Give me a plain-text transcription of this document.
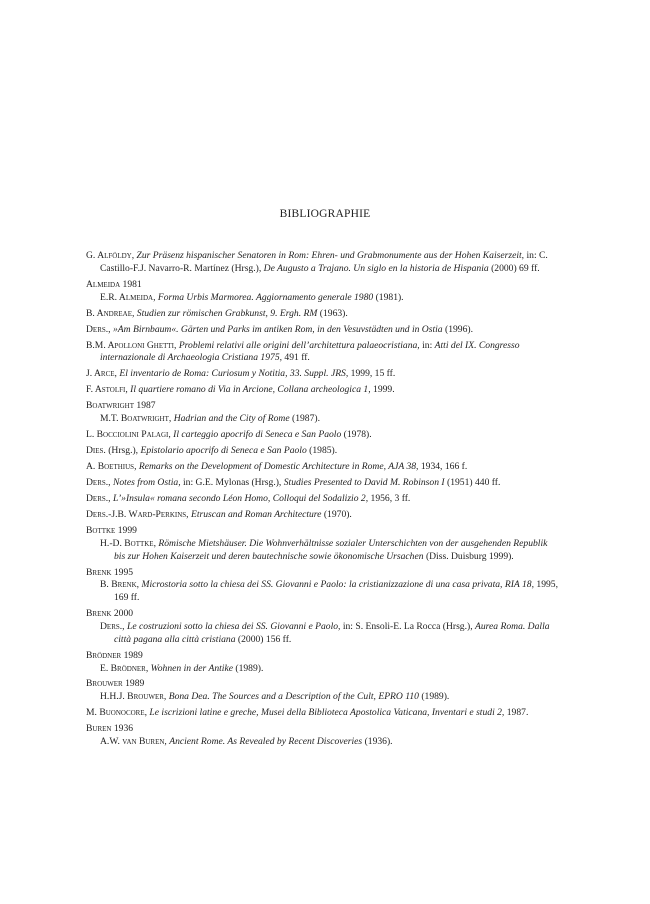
BIBLIOGRAPHIE
G. Alföldy, Zur Präsenz hispanischer Senatoren in Rom: Ehren- und Grabmonumente aus der Hohen Kaiserzeit, in: C. Castillo-F.J. Navarro-R. Martínez (Hrsg.), De Augusto a Trajano. Un siglo en la historia de Hispania (2000) 69 ff.
Almeida 1981
E.R. Almeida, Forma Urbis Marmorea. Aggiornamento generale 1980 (1981).
B. Andreae, Studien zur römischen Grabkunst, 9. Ergh. RM (1963).
Ders., »Am Birnbaum«. Gärten und Parks im antiken Rom, in den Vesuvstädten und in Ostia (1996).
B.M. Apolloni Ghetti, Problemi relativi alle origini dell’architettura palaeocristiana, in: Atti del IX. Congresso internazionale di Archaeologia Cristiana 1975, 491 ff.
J. Arce, El inventario de Roma: Curiosum y Notitia, 33. Suppl. JRS, 1999, 15 ff.
F. Astolfi, Il quartiere romano di Via in Arcione, Collana archeologica 1, 1999.
Boatwright 1987
M.T. Boatwright, Hadrian and the City of Rome (1987).
L. Bocciolini Palagi, Il carteggio apocrifo di Seneca e San Paolo (1978).
Dies. (Hrsg.), Epistolario apocrifo di Seneca e San Paolo (1985).
A. Boethius, Remarks on the Development of Domestic Architecture in Rome, AJA 38, 1934, 166 f.
Ders., Notes from Ostia, in: G.E. Mylonas (Hrsg.), Studies Presented to David M. Robinson I (1951) 440 ff.
Ders., L’»Insula« romana secondo Léon Homo, Colloqui del Sodalizio 2, 1956, 3 ff.
Ders.-J.B. Ward-Perkins, Etruscan and Roman Architecture (1970).
Bottke 1999
H.-D. Bottke, Römische Mietshäuser. Die Wohnverhältnisse sozialer Unterschichten von der ausgehenden Republik bis zur Hohen Kaiserzeit und deren bautechnische sowie ökonomische Ursachen (Diss. Duisburg 1999).
Brenk 1995
B. Brenk, Microstoria sotto la chiesa dei SS. Giovanni e Paolo: la cristianizzazione di una casa privata, RIA 18, 1995, 169 ff.
Brenk 2000
Ders., Le costruzioni sotto la chiesa dei SS. Giovanni e Paolo, in: S. Ensoli-E. La Rocca (Hrsg.), Aurea Roma. Dalla città pagana alla città cristiana (2000) 156 ff.
Brödner 1989
E. Brödner, Wohnen in der Antike (1989).
Brouwer 1989
H.H.J. Brouwer, Bona Dea. The Sources and a Description of the Cult, EPRO 110 (1989).
M. Buonocore, Le iscrizioni latine e greche, Musei della Biblioteca Apostolica Vaticana, Inventari e studi 2, 1987.
Buren 1936
A.W. van Buren, Ancient Rome. As Revealed by Recent Discoveries (1936).
